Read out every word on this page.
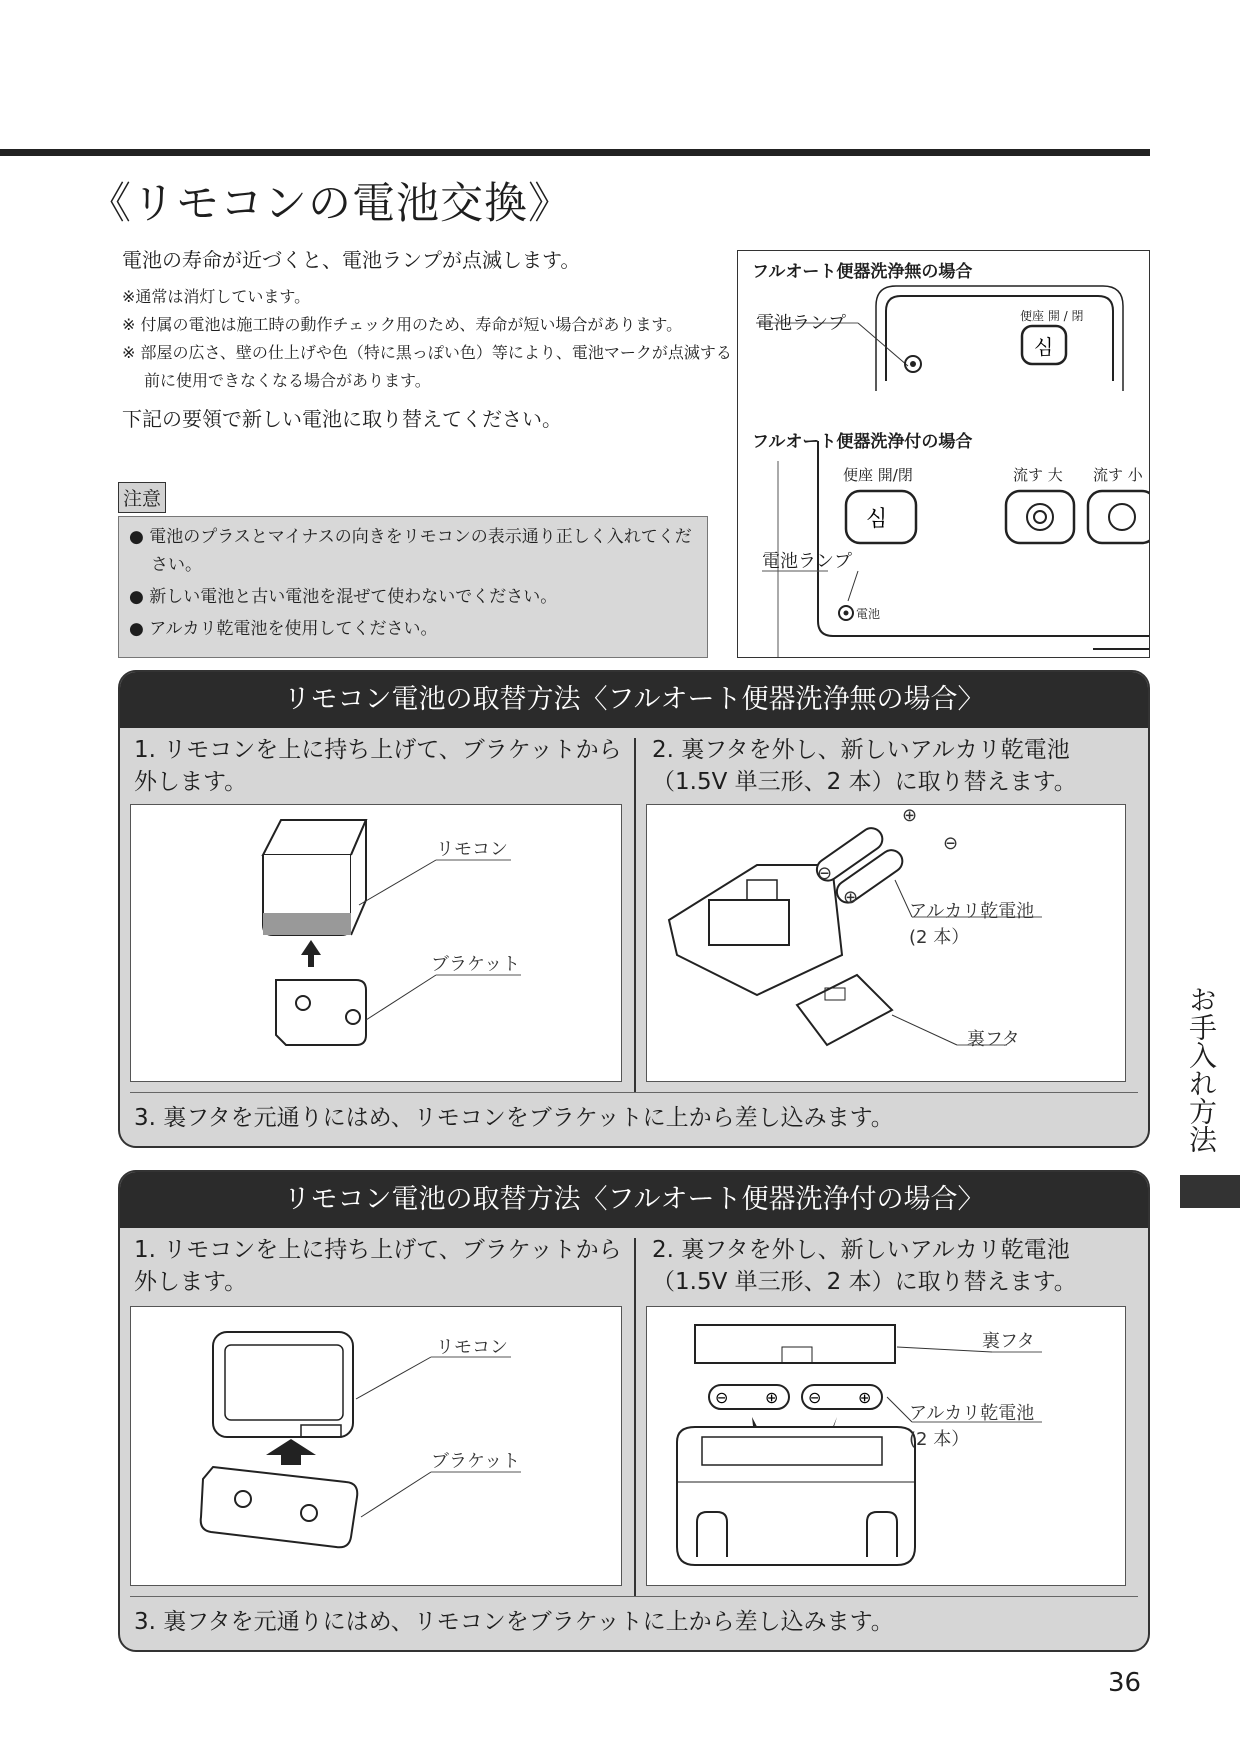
《リモコンの電池交換》

電池の寿命が近づくと、電池ランプが点滅します。

※通常は消灯しています。

※ 付属の電池は施工時の動作チェック用のため、寿命が短い場合があります。

※ 部屋の広さ、壁の仕上げや色（特に黒っぽい色）等により、電池マークが点滅する前に使用できなくなる場合があります。

下記の要領で新しい電池に取り替えてください。

注意

● 電池のプラスとマイナスの向きをリモコンの表示通り正しく入れてください。

● 新しい電池と古い電池を混ぜて使わないでください。

● アルカリ乾電池を使用してください。

심
심
フルオート便器洗浄無の場合
電池ランプ	便座 開 / 閉
フルオート便器洗浄付の場合
便座 開/閉	流す 大 流す 小
電池ランプ
電池
リモコン電池の取替方法〈フルオート便器洗浄無の場合〉
1. リモコンを上に持ち上げて、ブラケットから外します。
2. 裏フタを外し、新しいアルカリ乾電池（1.5V 単三形、2 本）に取り替えます。
リモコン
ブラケット
⊕
⊖
⊖
⊕
アルカリ乾電池
(2 本）
裏フタ
3. 裏フタを元通りにはめ、リモコンをブラケットに上から差し込みます。
リモコン電池の取替方法〈フルオート便器洗浄付の場合〉
1. リモコンを上に持ち上げて、ブラケットから外します。
2. 裏フタを外し、新しいアルカリ乾電池（1.5V 単三形、2 本）に取り替えます。
リモコン
ブラケット
⊖ ⊕ ⊖ ⊕
裏フタ
アルカリ乾電池
(2 本）
3. 裏フタを元通りにはめ、リモコンをブラケットに上から差し込みます。
お手入れ方法
36
